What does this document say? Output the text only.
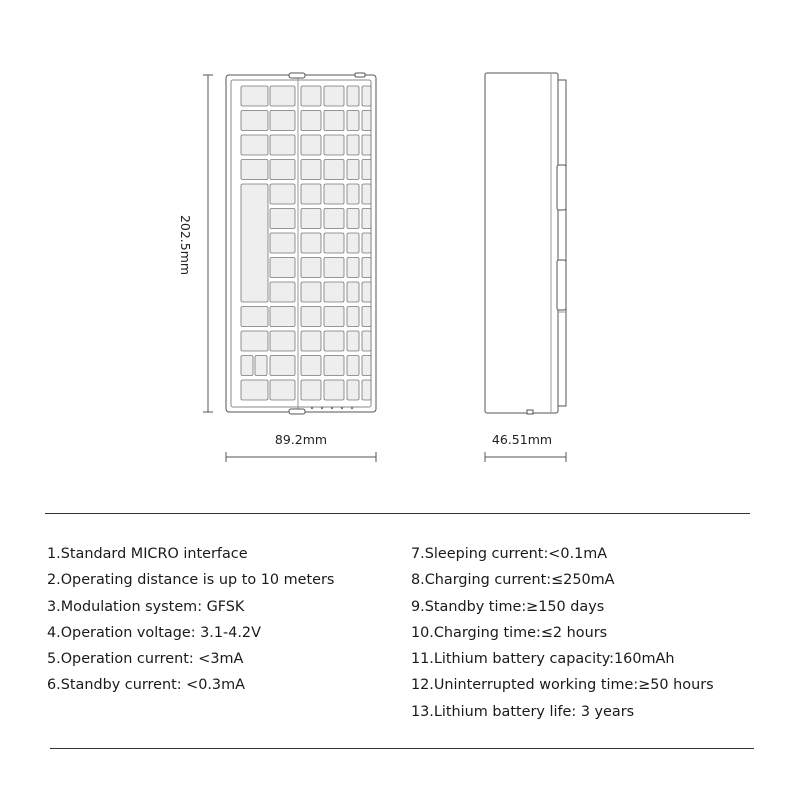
202.5mm
89.2mm	46.51mm
1.Standard MICRO interface
2.Operating distance is up to 10 meters
3.Modulation system: GFSK
4.Operation voltage: 3.1-4.2V
5.Operation current: <3mA
6.Standby current: <0.3mA
7.Sleeping current:<0.1mA
8.Charging current:≤250mA
9.Standby time:≥150 days
10.Charging time:≤2 hours
11.Lithium battery capacity:160mAh
12.Uninterrupted working time:≥50 hours
13.Lithium battery life: 3 years
